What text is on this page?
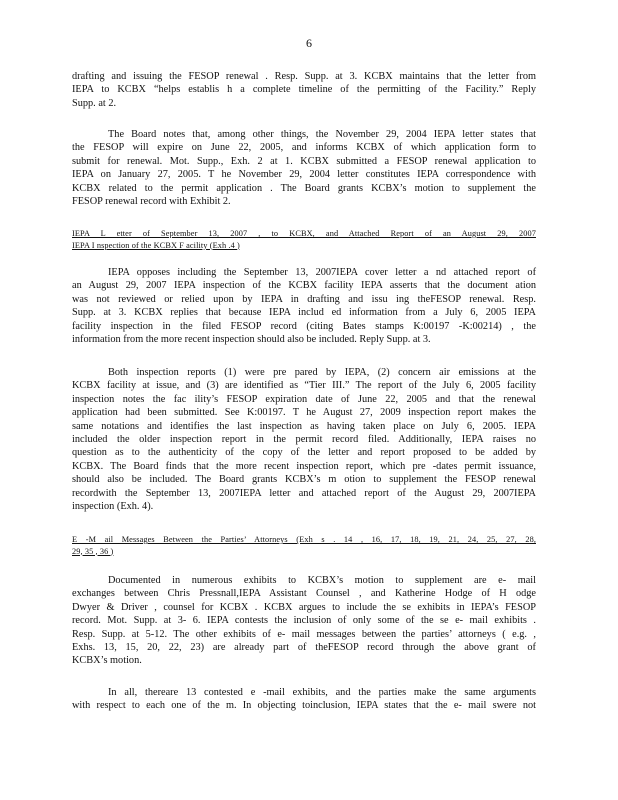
6

drafting and issuing the FESOP renewal . Resp. Supp. at 3. KCBX maintains that the letter from
IEPA to KCBX “helps establis h a complete timeline of the permitting of the Facility.” Reply
Supp. at 2.

The Board notes that, among other things, the November 29, 2004 IEPA letter states that
the FESOP will expire on June 22, 2005, and informs KCBX of which application form to
submit for renewal. Mot. Supp., Exh. 2 at 1. KCBX submitted a FESOP renewal application to
IEPA on January 27, 2005. T he November 29, 2004 letter constitutes IEPA correspondence with
KCBX related to the permit application . The Board grants KCBX’s motion to supplement the
FESOP renewal record with Exhibit 2.

IEPA L etter of September 13, 2007 , to KCBX, and Attached Report of an August 29, 2007
IEPA I nspection of the KCBX F acility (Exh .4 )

IEPA opposes including the September 13, 2007IEPA cover letter a nd attached report of
an August 29, 2007 IEPA inspection of the KCBX facility IEPA asserts that the document ation
was not reviewed or relied upon by IEPA in drafting and issu ing theFESOP renewal. Resp.
Supp. at 3. KCBX replies that because IEPA includ ed information from a July 6, 2005 IEPA
facility inspection in the filed FESOP record (citing Bates stamps K:00197 -K:00214) , the
information from the more recent inspection should also be included. Reply Supp. at 3.

Both inspection reports (1) were pre pared by IEPA, (2) concern air emissions at the
KCBX facility at issue, and (3) are identified as “Tier III.” The report of the July 6, 2005 facility
inspection notes the fac ility’s FESOP expiration date of June 22, 2005 and that the renewal
application had been submitted. See K:00197. T he August 27, 2009 inspection report makes the
same notations and identifies the last inspection as having taken place on July 6, 2005. IEPA
included the older inspection report in the permit record filed. Additionally, IEPA raises no
question as to the authenticity of the copy of the letter and report proposed to be added by
KCBX. The Board finds that the more recent inspection report, which pre -dates permit issuance,
should also be included. The Board grants KCBX’s m otion to supplement the FESOP renewal
recordwith the September 13, 2007IEPA letter and attached report of the August 29, 2007IEPA
inspection (Exh. 4).

E -M ail Messages Between the Parties’ Attorneys (Exh s . 14 , 16, 17, 18, 19, 21, 24, 25, 27, 28,
29, 35 , 36 )

Documented in numerous exhibits to KCBX’s motion to supplement are e- mail
exchanges between Chris Pressnall,IEPA Assistant Counsel , and Katherine Hodge of H odge
Dwyer & Driver , counsel for KCBX . KCBX argues to include the se exhibits in IEPA’s FESOP
record. Mot. Supp. at 3- 6. IEPA contests the inclusion of only some of the se e- mail exhibits .
Resp. Supp. at 5-12. The other exhibits of e- mail messages between the parties’ attorneys ( e.g. ,
Exhs. 13, 15, 20, 22, 23) are already part of theFESOP record through the above grant of
KCBX’s motion.

In all, thereare 13 contested e -mail exhibits, and the parties make the same arguments
with respect to each one of the m. In objecting toinclusion, IEPA states that the e- mail swere not
